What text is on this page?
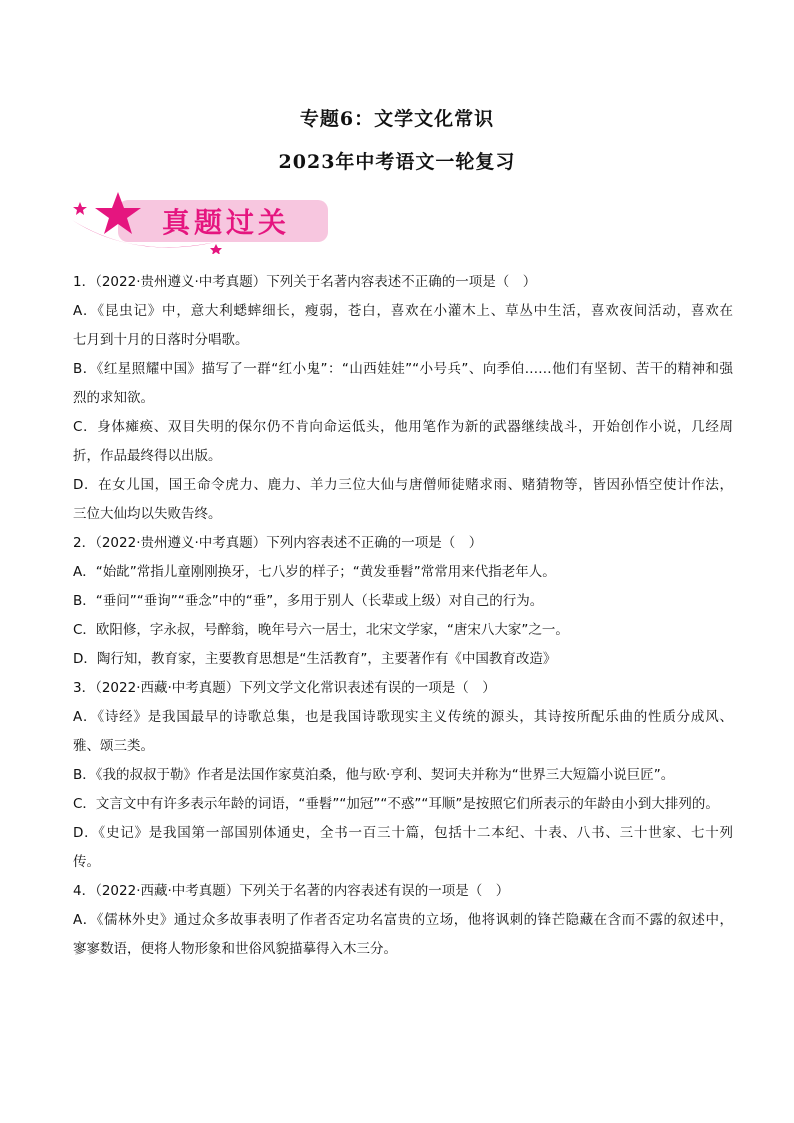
专题6：文学文化常识
2023年中考语文一轮复习
真题过关
1．（2022·贵州遵义·中考真题）下列关于名著内容表述不正确的一项是（　）
A．《昆虫记》中，意大利蟋蟀细长，瘦弱，苍白，喜欢在小灌木上、草丛中生活，喜欢夜间活动，喜欢在
七月到十月的日落时分唱歌。
B．《红星照耀中国》描写了一群“红小鬼”：“山西娃娃”“小号兵”、向季伯……他们有坚韧、苦干的精神和强
烈的求知欲。
C．身体瘫痪、双目失明的保尔仍不肯向命运低头，他用笔作为新的武器继续战斗，开始创作小说，几经周
折，作品最终得以出版。
D．在女儿国，国王命令虎力、鹿力、羊力三位大仙与唐僧师徒赌求雨、赌猜物等，皆因孙悟空使计作法，
三位大仙均以失败告终。
2．（2022·贵州遵义·中考真题）下列内容表述不正确的一项是（　）
A．“始龀”常指儿童刚刚换牙，七八岁的样子；“黄发垂髫”常常用来代指老年人。
B．“垂问”“垂询”“垂念”中的“垂”，多用于别人（长辈或上级）对自己的行为。
C．欧阳修，字永叔，号醉翁，晚年号六一居士，北宋文学家，“唐宋八大家”之一。
D．陶行知，教育家，主要教育思想是“生活教育”，主要著作有《中国教育改造》
3．（2022·西藏·中考真题）下列文学文化常识表述有误的一项是（　）
A．《诗经》是我国最早的诗歌总集，也是我国诗歌现实主义传统的源头，其诗按所配乐曲的性质分成风、
雅、颂三类。
B．《我的叔叔于勒》作者是法国作家莫泊桑，他与欧·亨利、契诃夫并称为“世界三大短篇小说巨匠”。
C．文言文中有许多表示年龄的词语，“垂髫”“加冠”“不惑”“耳顺”是按照它们所表示的年龄由小到大排列的。
D．《史记》是我国第一部国别体通史，全书一百三十篇，包括十二本纪、十表、八书、三十世家、七十列
传。
4．（2022·西藏·中考真题）下列关于名著的内容表述有误的一项是（　）
A．《儒林外史》通过众多故事表明了作者否定功名富贵的立场，他将讽刺的锋芒隐藏在含而不露的叙述中，
寥寥数语，便将人物形象和世俗风貌描摹得入木三分。
